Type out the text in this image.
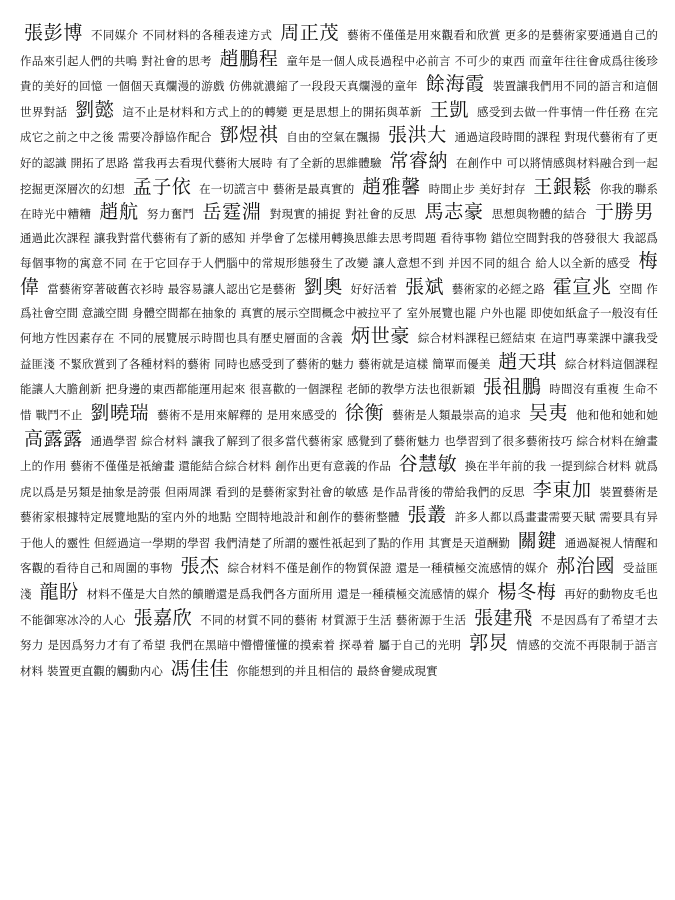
張彭博 不同媒介 不同材料的各種表達方式 周正茂 藝術不僅僅是用來觀看和欣賞 更多的是藝術家要通過自己的作品來引起人們的共鳴 對社會的思考 趙鵬程 童年是一個人成長過程中必前言 不可少的東西 而童年往往會成爲往後珍貴的美好的回憶 一個個天真爛漫的游戲 仿佛就濃縮了一段段天真爛漫的童年 餘海霞 裝置讓我們用不同的語言和這個世界對話 劉懿 這不止是材料和方式上的的轉變 更是思想上的開拓與革新 王凱 感受到去做一件事情一件任務 在完成它之前之中之後 需要冷靜協作配合 鄧煜祺 自由的空氣在飄揚 張洪大 通過這段時間的課程 對現代藝術有了更好的認識 開拓了思路 當我再去看現代藝術大展時 有了全新的思維體驗 常睿納 在創作中 可以將情感與材料融合到一起 挖掘更深層次的幻想 孟子依 在一切謊言中 藝術是最真實的 趙雅馨 時間止步 美好封存 王銀鬆 你我的聯系在時光中糟糟 趙航 努力奮鬥 岳霆淵 對現實的捕捉 對社會的反思 馬志豪 思想與物體的結合 于勝男 通過此次課程 讓我對當代藝術有了新的感知 并學會了怎樣用轉換思維去思考問題 看待事物 錯位空間對我的啓發很大 我認爲 每個事物的寓意不同 在于它回存于人們腦中的常規形態發生了改變 讓人意想不到 并因不同的組合 給人以全新的感受 梅偉 當藝術穿著破舊衣衫時 最容易讓人認出它是藝術 劉奧 好好活着 張斌 藝術家的必經之路 霍宣兆 空間 作爲社會空間 意識空間 身體空間都在抽象的 真實的展示空間概念中被拉平了 室外展覽也罷 户外也罷 即使如紙盒子一般沒有任何地方性因素存在 不同的展覽展示時間也具有歷史層面的含義 炳世豪 綜合材料課程已經結束 在這門專業課中讓我受益匪淺 不緊欣賞到了各種材料的藝術 同時也感受到了藝術的魅力 藝術就是這樣 簡單而優美 趙天琪 綜合材料這個課程能讓人大膽創新 把身邊的東西都能運用起來 很喜歡的一個課程 老師的教學方法也很新穎 張祖鵬 時間沒有重複 生命不惜 戰鬥不止 劉曉瑞 藝術不是用來解釋的 是用來感受的 徐衡 藝術是人類最崇高的追求 吴夷 他和他和她和她 高露露 通過學習 綜合材料 讓我了解到了很多當代藝術家 感覺到了藝術魅力 也學習到了很多藝術技巧 綜合材料在繪畫上的作用 藝術不僅僅是祇繪畫 還能結合綜合材料 創作出更有意義的作品 谷慧敏 換在半年前的我 一提到綜合材料 就爲虎以爲是另類是抽象是誇張 但兩周課 看到的是藝術家對社會的敏感 是作品背後的帶給我們的反思 李東加 裝置藝術是藝術家根據特定展覽地點的室内外的地點 空間特地設計和創作的藝術整體 張叢 許多人都以爲畫畫需要天賦 需要具有异于他人的靈性 但經過這一學期的學習 我們清楚了所謂的靈性祇起到了點的作用 其實是天道酬勤 關鍵 通過凝視人情醒和客觀的看待自己和周圍的事物 張杰 綜合材料不僅是創作的物質保證 還是一種積極交流感情的媒介 郝治國 受益匪淺 龍盼 材料不僅是大自然的饋贈還是爲我們各方面所用 還是一種積極交流感情的媒介 楊冬梅 再好的動物皮毛也不能御寒冰冷的人心 張嘉欣 不同的材質不同的藝術 材質源于生活 藝術源于生活 張建飛 不是因爲有了希望才去努力 是因爲努力才有了希望 我們在黑暗中懵懵懂懂的摸索着 探尋着 屬于自己的光明 郭炅 情感的交流不再限制于語言 材料 裝置更直觀的觸動内心 馮佳佳 你能想到的并且相信的 最終會變成現實
